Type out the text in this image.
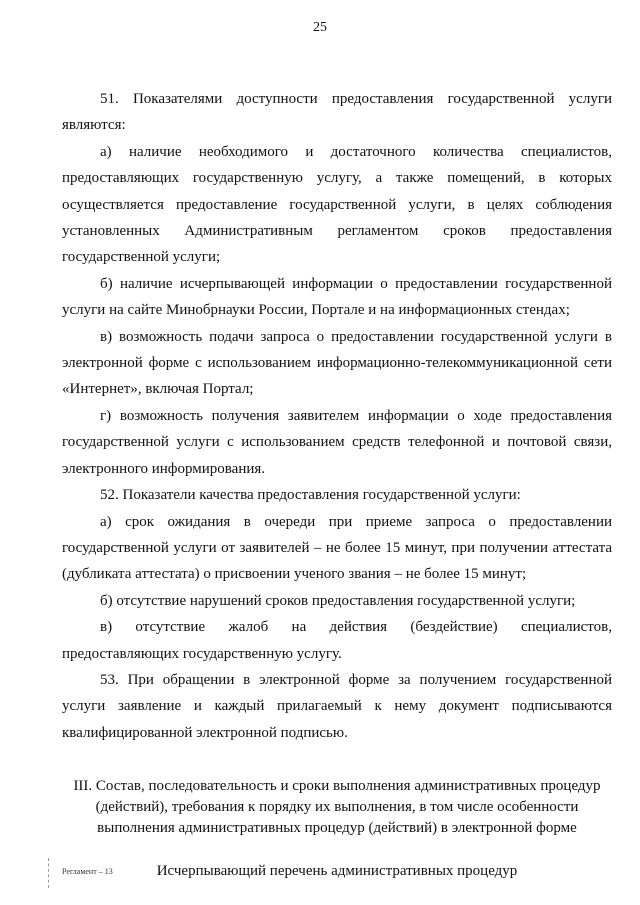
25

51. Показателями доступности предоставления государственной услуги являются:

а) наличие необходимого и достаточного количества специалистов, предоставляющих государственную услугу, а также помещений, в которых осуществляется предоставление государственной услуги, в целях соблюдения установленных Административным регламентом сроков предоставления государственной услуги;

б) наличие исчерпывающей информации о предоставлении государственной услуги на сайте Минобрнауки России, Портале и на информационных стендах;

в) возможность подачи запроса о предоставлении государственной услуги в электронной форме с использованием информационно-телекоммуникационной сети «Интернет», включая Портал;

г) возможность получения заявителем информации о ходе предоставления государственной услуги с использованием средств телефонной и почтовой связи, электронного информирования.

52. Показатели качества предоставления государственной услуги:

а) срок ожидания в очереди при приеме запроса о предоставлении государственной услуги от заявителей – не более 15 минут, при получении аттестата (дубликата аттестата) о присвоении ученого звания – не более 15 минут;

б) отсутствие нарушений сроков предоставления государственной услуги;

в) отсутствие жалоб на действия (бездействие) специалистов, предоставляющих государственную услугу.

53. При обращении в электронной форме за получением государственной услуги заявление и каждый прилагаемый к нему документ подписываются квалифицированной электронной подписью.

III. Состав, последовательность и сроки выполнения административных процедур
(действий), требования к порядку их выполнения, в том числе особенности
выполнения административных процедур (действий) в электронной форме
Исчерпывающий перечень административных процедур
Регламент – 13
